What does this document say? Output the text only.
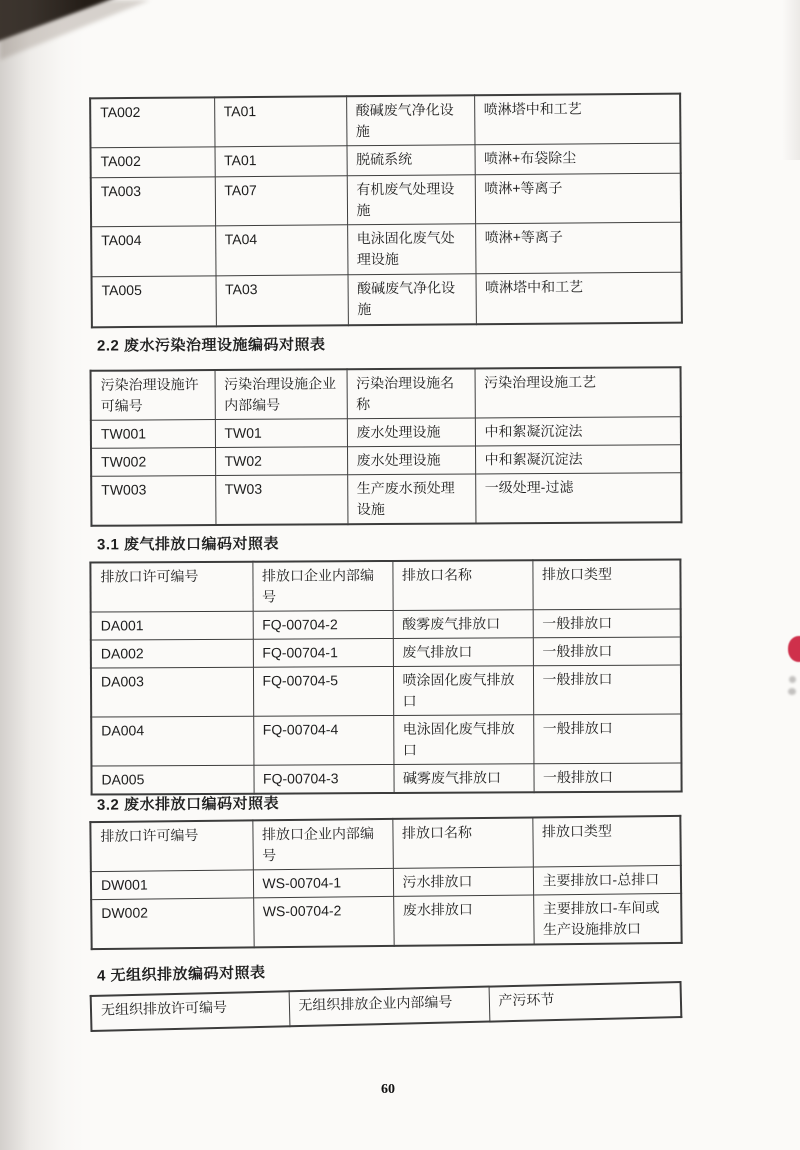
TA002	TA01	酸碱废气净化设施	喷淋塔中和工艺
TA002	TA01	脱硫系统	喷淋+布袋除尘
TA003	TA07	有机废气处理设施	喷淋+等离子
TA004	TA04	电泳固化废气处理设施	喷淋+等离子
TA005	TA03	酸碱废气净化设施	喷淋塔中和工艺
2.2 废水污染治理设施编码对照表
污染治理设施许可编号	污染治理设施企业内部编号	污染治理设施名称	污染治理设施工艺
TW001	TW01	废水处理设施	中和絮凝沉淀法
TW002	TW02	废水处理设施	中和絮凝沉淀法
TW003	TW03	生产废水预处理设施	一级处理-过滤
3.1 废气排放口编码对照表
排放口许可编号	排放口企业内部编号	排放口名称	排放口类型
DA001	FQ-00704-2	酸雾废气排放口	一般排放口
DA002	FQ-00704-1	废气排放口	一般排放口
DA003	FQ-00704-5	喷涂固化废气排放口	一般排放口
DA004	FQ-00704-4	电泳固化废气排放口	一般排放口
DA005	FQ-00704-3	碱雾废气排放口	一般排放口
3.2 废水排放口编码对照表
排放口许可编号	排放口企业内部编号	排放口名称	排放口类型
DW001	WS-00704-1	污水排放口	主要排放口-总排口
DW002	WS-00704-2	废水排放口	主要排放口-车间或生产设施排放口
4 无组织排放编码对照表
无组织排放许可编号	无组织排放企业内部编号	产污环节
60
